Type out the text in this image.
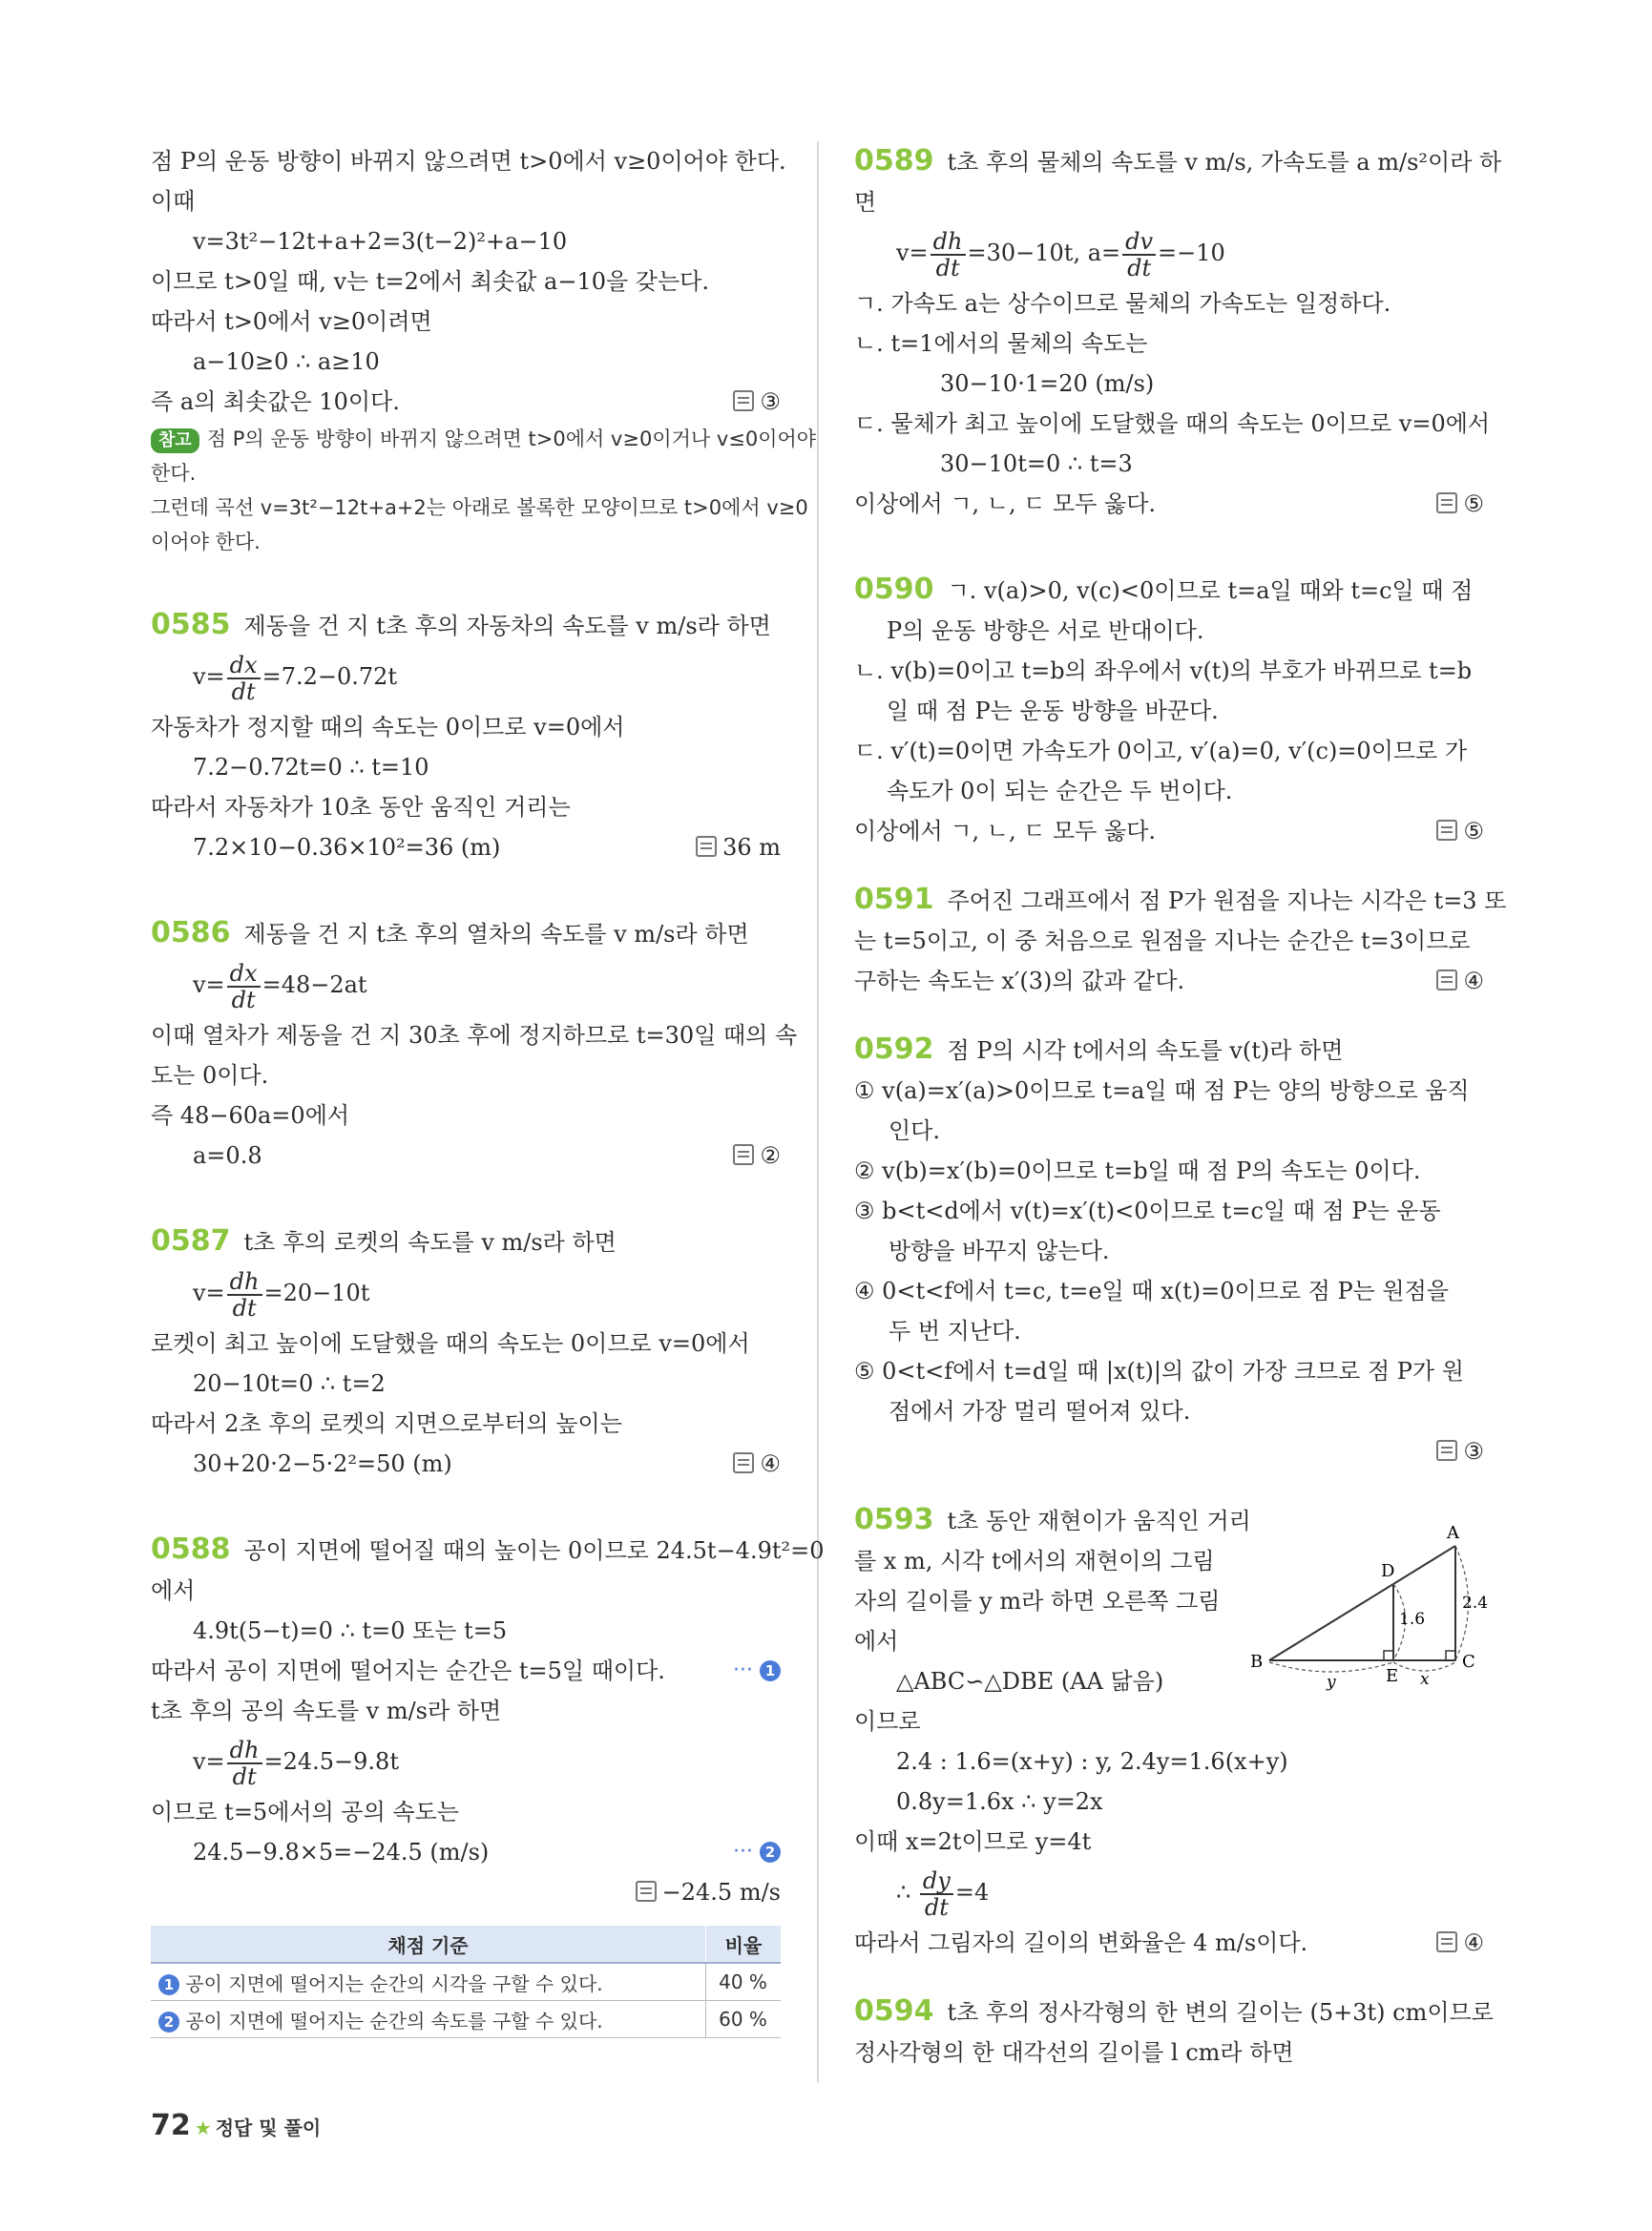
점 P의 운동 방향이 바뀌지 않으려면 t>0에서 v≥0이어야 한다.
이때
v=3t²−12t+a+2=3(t−2)²+a−10
이므로 t>0일 때, v는 t=2에서 최솟값 a−10을 갖는다.
따라서 t>0에서 v≥0이려면
a−10≥0 ∴ a≥10
즉 a의 최솟값은 10이다.	③
참고 점 P의 운동 방향이 바뀌지 않으려면 t>0에서 v≥0이거나 v≤0이어야
한다.
그런데 곡선 v=3t²−12t+a+2는 아래로 볼록한 모양이므로 t>0에서 v≥0
이어야 한다.
0585 제동을 건 지 t초 후의 자동차의 속도를 v m/s라 하면
$v= \frac{dx}{dt} =7.2-0.72t$
자동차가 정지할 때의 속도는 0이므로 v=0에서
7.2−0.72t=0 ∴ t=10
따라서 자동차가 10초 동안 움직인 거리는
7.2×10−0.36×10²=36 (m)	36 m
0586 제동을 건 지 t초 후의 열차의 속도를 v m/s라 하면
$v= \frac{dx}{dt} =48-2at$
이때 열차가 제동을 건 지 30초 후에 정지하므로 t=30일 때의 속
도는 0이다.
즉 48−60a=0에서
a=0.8	②
0587 t초 후의 로켓의 속도를 v m/s라 하면
$v= \frac{dh}{dt} =20-10t$
로켓이 최고 높이에 도달했을 때의 속도는 0이므로 v=0에서
20−10t=0 ∴ t=2
따라서 2초 후의 로켓의 지면으로부터의 높이는
30+20·2−5·2²=50 (m)	④
0588 공이 지면에 떨어질 때의 높이는 0이므로 24.5t−4.9t²=0
에서
4.9t(5−t)=0 ∴ t=0 또는 t=5
따라서 공이 지면에 떨어지는 순간은 t=5일 때이다.	··· 1
t초 후의 공의 속도를 v m/s라 하면
$v= \frac{dh}{dt} =24.5-9.8t$
이므로 t=5에서의 공의 속도는
24.5−9.8×5=−24.5 (m/s)	··· 2
−24.5 m/s

채점 기준	비율
1 공이 지면에 떨어지는 순간의 시각을 구할 수 있다.	40 %
2 공이 지면에 떨어지는 순간의 속도를 구할 수 있다.	60 %
0589 t초 후의 물체의 속도를 v m/s, 가속도를 a m/s²이라 하
면
$v= \frac{dh}{dt} =30-10t$, $a= \frac{dv}{dt} =-10$
ㄱ. 가속도 a는 상수이므로 물체의 가속도는 일정하다.
ㄴ. t=1에서의 물체의 속도는
30−10·1=20 (m/s)
ㄷ. 물체가 최고 높이에 도달했을 때의 속도는 0이므로 v=0에서
30−10t=0 ∴ t=3
이상에서 ㄱ, ㄴ, ㄷ 모두 옳다.	⑤
0590 ㄱ. v(a)>0, v(c)<0이므로 t=a일 때와 t=c일 때 점
P의 운동 방향은 서로 반대이다.
ㄴ. v(b)=0이고 t=b의 좌우에서 v(t)의 부호가 바뀌므로 t=b
일 때 점 P는 운동 방향을 바꾼다.
ㄷ. v′(t)=0이면 가속도가 0이고, v′(a)=0, v′(c)=0이므로 가
속도가 0이 되는 순간은 두 번이다.
이상에서 ㄱ, ㄴ, ㄷ 모두 옳다.	⑤
0591 주어진 그래프에서 점 P가 원점을 지나는 시각은 t=3 또
는 t=5이고, 이 중 처음으로 원점을 지나는 순간은 t=3이므로
구하는 속도는 x′(3)의 값과 같다.	④
0592 점 P의 시각 t에서의 속도를 v(t)라 하면
① v(a)=x′(a)>0이므로 t=a일 때 점 P는 양의 방향으로 움직
인다.
② v(b)=x′(b)=0이므로 t=b일 때 점 P의 속도는 0이다.
③ b<t<d에서 v(t)=x′(t)<0이므로 t=c일 때 점 P는 운동
방향을 바꾸지 않는다.
④ 0<t<f에서 t=c, t=e일 때 x(t)=0이므로 점 P는 원점을
두 번 지난다.
⑤ 0<t<f에서 t=d일 때 |x(t)|의 값이 가장 크므로 점 P가 원
점에서 가장 멀리 떨어져 있다.
③

0593 t초 동안 재현이가 움직인 거리
를 x m, 시각 t에서의 재현이의 그림
자의 길이를 y m라 하면 오른쪽 그림
에서
△ABC∽△DBE (AA 닮음)
이므로
2.4 : 1.6=(x+y) : y, 2.4y=1.6(x+y)
0.8y=1.6x ∴ y=2x
이때 x=2t이므로 y=4t
∴ $\frac{dy}{dt} =4$
따라서 그림자의 길이의 변화율은 4 m/s이다.	④
0594 t초 후의 정사각형의 한 변의 길이는 (5+3t) cm이므로
정사각형의 한 대각선의 길이를 l cm라 하면
A
B	C
D
E
1.6
2.4
y	x
72 ★ 정답 및 풀이
